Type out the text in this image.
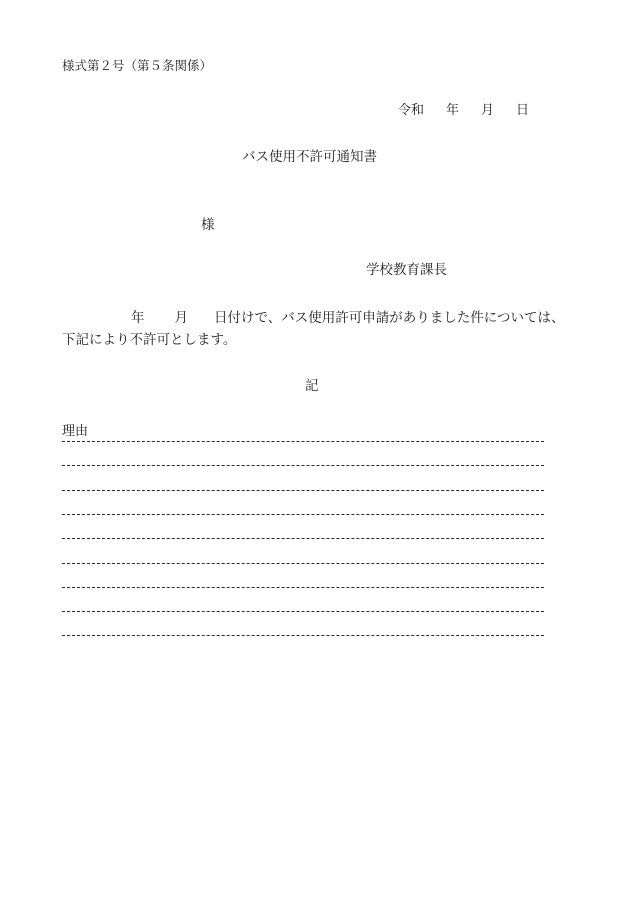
様式第２号（第５条関係）
令和 年 月 日
バス使用不許可通知書
様
学校教育課長
年 月 日付けで、バス使用許可申請がありました件については、
下記により不許可とします。
記
理由
